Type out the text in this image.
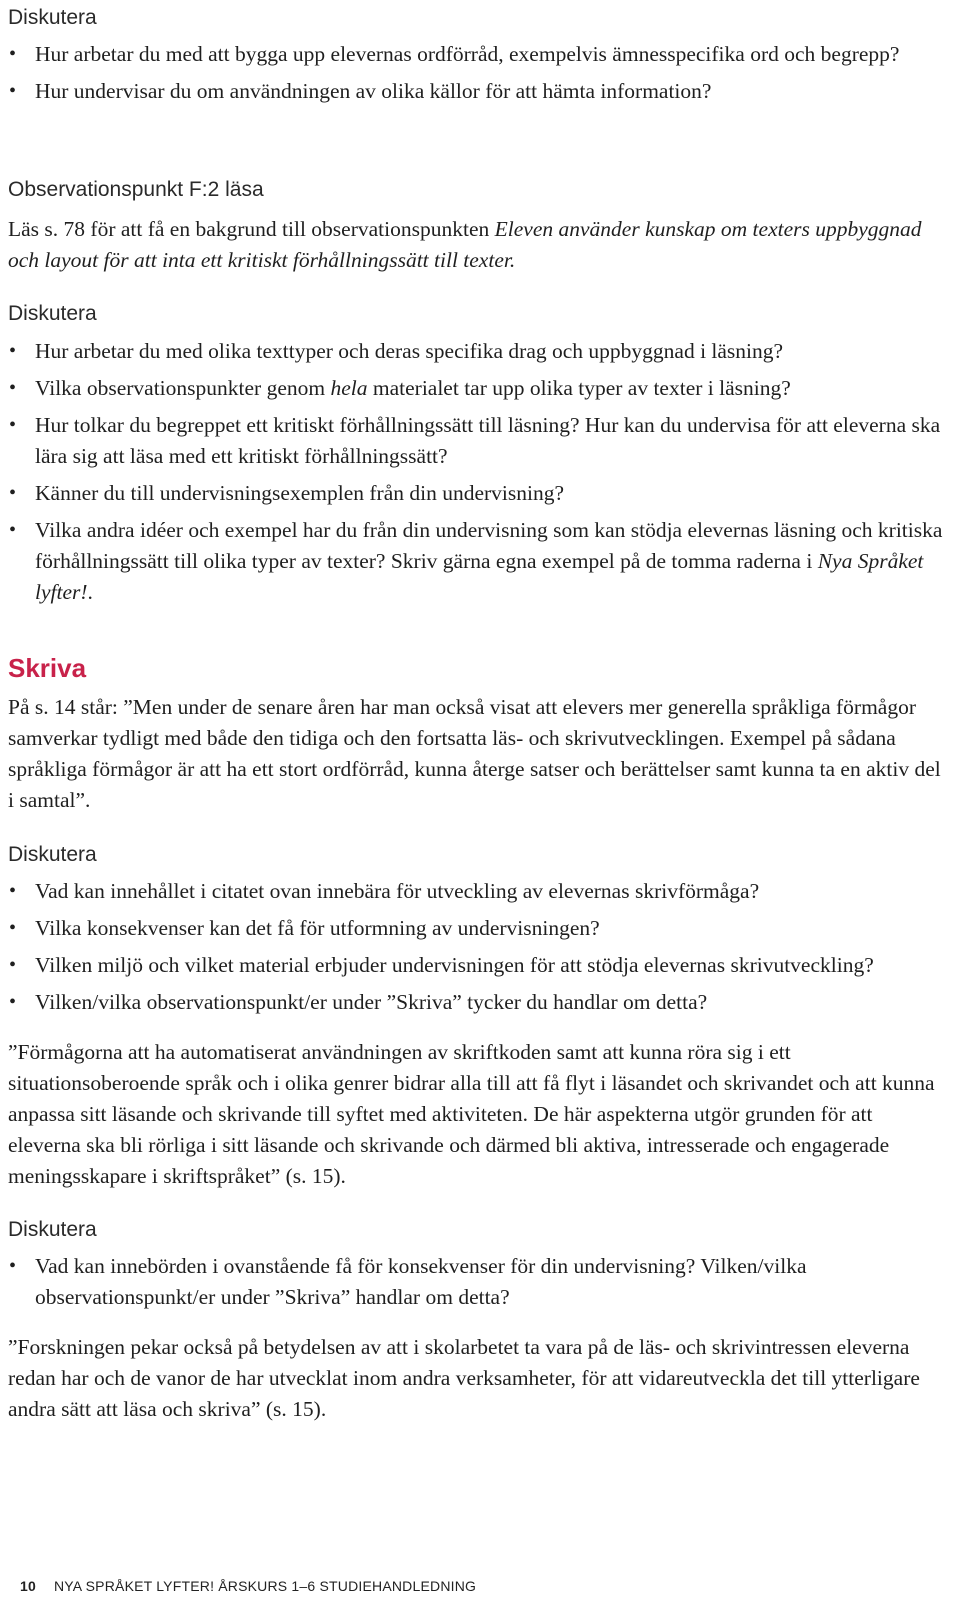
Diskutera
• Hur arbetar du med att bygga upp elevernas ordförråd, exempelvis ämnesspecifika ord och begrepp?
• Hur undervisar du om användningen av olika källor för att hämta information?
Observationspunkt F:2 läsa

Läs s. 78 för att få en bakgrund till observationspunkten Eleven använder kunskap om texters uppbyggnad och layout för att inta ett kritiskt förhållningssätt till texter.

Diskutera
• Hur arbetar du med olika texttyper och deras specifika drag och uppbyggnad i läsning?
• Vilka observationspunkter genom hela materialet tar upp olika typer av texter i läsning?
• Hur tolkar du begreppet ett kritiskt förhållningssätt till läsning? Hur kan du undervisa för att eleverna ska lära sig att läsa med ett kritiskt förhållningssätt?
• Känner du till undervisningsexemplen från din undervisning?
• Vilka andra idéer och exempel har du från din undervisning som kan stödja elevernas läsning och kritiska förhållningssätt till olika typer av texter? Skriv gärna egna exempel på de tomma raderna i Nya Språket lyfter!.
Skriva

På s. 14 står: ”Men under de senare åren har man också visat att elevers mer generella språkliga förmågor samverkar tydligt med både den tidiga och den fortsatta läs- och skrivutvecklingen. Exempel på sådana språkliga förmågor är att ha ett stort ordförråd, kunna återge satser och berättelser samt kunna ta en aktiv del i samtal”.

Diskutera
• Vad kan innehållet i citatet ovan innebära för utveckling av elevernas skrivförmåga?
• Vilka konsekvenser kan det få för utformning av undervisningen?
• Vilken miljö och vilket material erbjuder undervisningen för att stödja elevernas skrivutveckling?
• Vilken/vilka observationspunkt/er under ”Skriva” tycker du handlar om detta?

”Förmågorna att ha automatiserat användningen av skriftkoden samt att kunna röra sig i ett situationsoberoende språk och i olika genrer bidrar alla till att få flyt i läsandet och skrivandet och att kunna anpassa sitt läsande och skrivande till syftet med aktiviteten. De här aspekterna utgör grunden för att eleverna ska bli rörliga i sitt läsande och skrivande och därmed bli aktiva, intresserade och engagerade meningsskapare i skriftspråket” (s. 15).

Diskutera
• Vad kan innebörden i ovanstående få för konsekvenser för din undervisning? Vilken/vilka observationspunkt/er under ”Skriva” handlar om detta?

”Forskningen pekar också på betydelsen av att i skolarbetet ta vara på de läs- och skrivintressen eleverna redan har och de vanor de har utvecklat inom andra verksamheter, för att vidareutveckla det till ytterligare andra sätt att läsa och skriva” (s. 15).

10 NYA SPRÅKET LYFTER! ÅRSKURS 1–6 STUDIEHANDLEDNING
